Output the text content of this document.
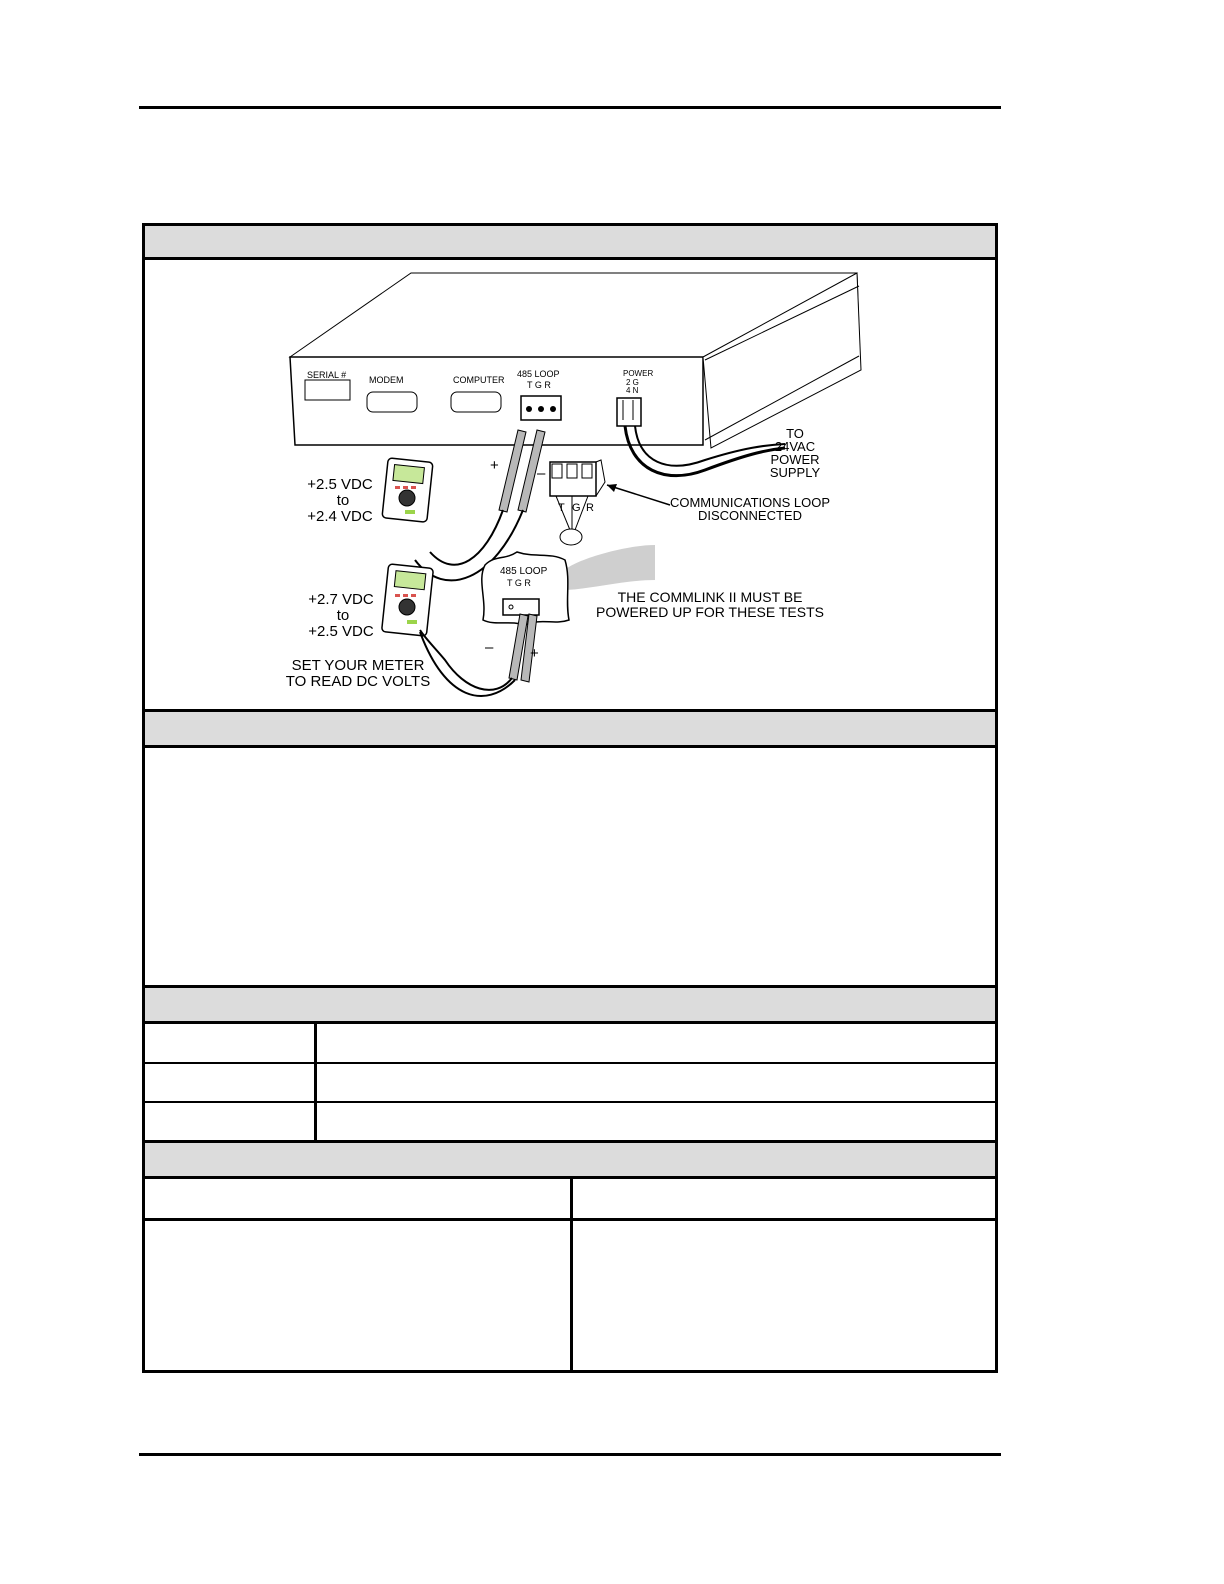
SERIAL #	MODEM	COMPUTER
485 LOOP
T G R
POWER
2 G
4 N
TO
24VAC
POWER
SUPPLY
+	–
T G R	COMMUNICATIONS LOOP
DISCONNECTED
+2.5 VDC
to
+2.4 VDC
+2.7 VDC
to
+2.5 VDC
485 LOOP
T G R
– +
THE COMMLINK II MUST BE
POWERED UP FOR THESE TESTS
SET YOUR METER
TO READ DC VOLTS
